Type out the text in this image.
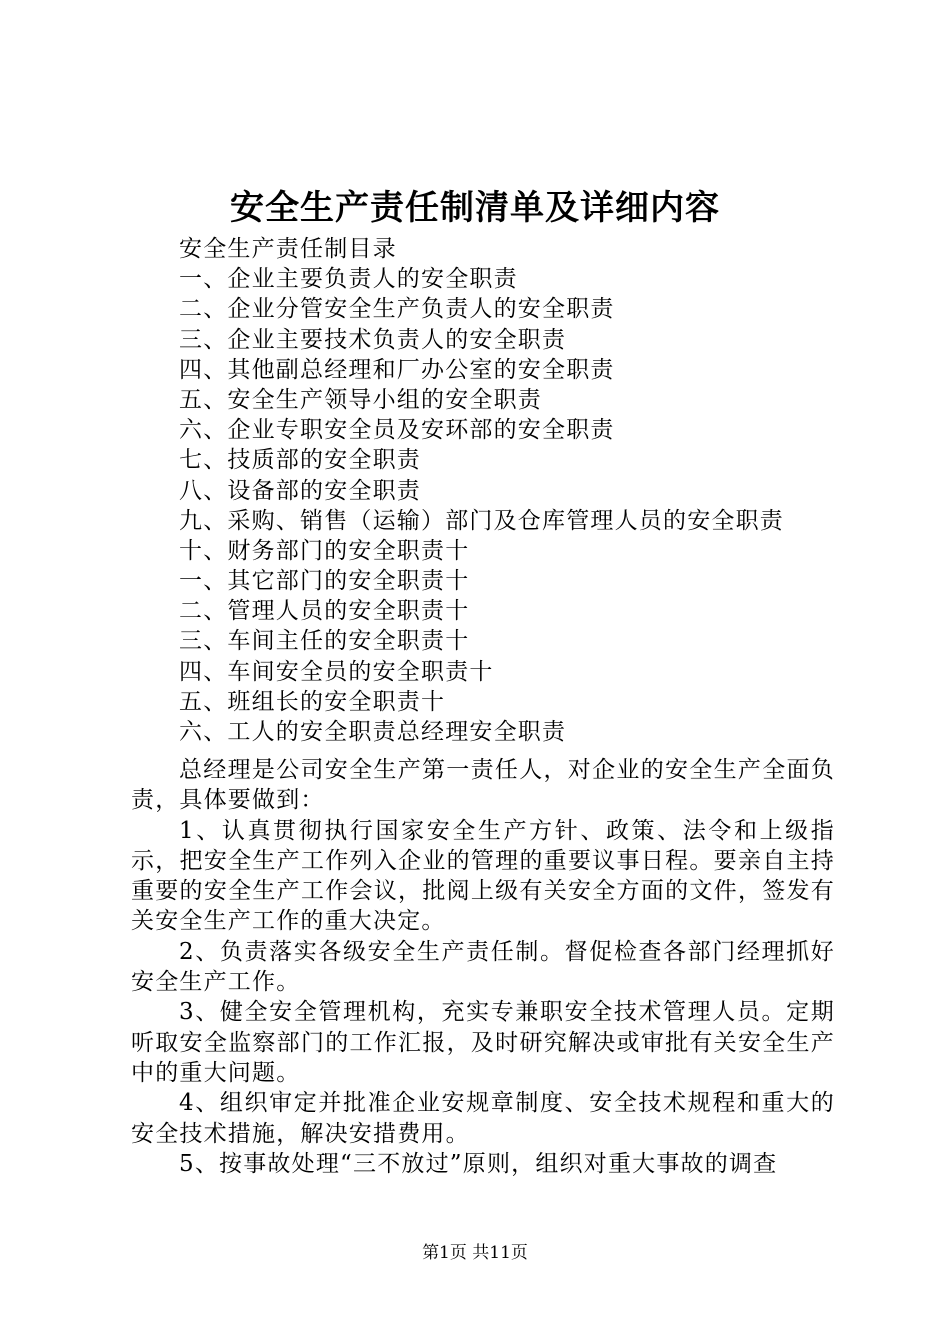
安全生产责任制清单及详细内容
安全生产责任制目录
一、企业主要负责人的安全职责
二、企业分管安全生产负责人的安全职责
三、企业主要技术负责人的安全职责
四、其他副总经理和厂办公室的安全职责
五、安全生产领导小组的安全职责
六、企业专职安全员及安环部的安全职责
七、技质部的安全职责
八、设备部的安全职责
九、采购、销售（运输）部门及仓库管理人员的安全职责
十、财务部门的安全职责十
一、其它部门的安全职责十
二、管理人员的安全职责十
三、车间主任的安全职责十
四、车间安全员的安全职责十
五、班组长的安全职责十
六、工人的安全职责总经理安全职责

总经理是公司安全生产第一责任人，对企业的安全生产全面负责，具体要做到：

1、认真贯彻执行国家安全生产方针、政策、法令和上级指示，把安全生产工作列入企业的管理的重要议事日程。要亲自主持重要的安全生产工作会议，批阅上级有关安全方面的文件，签发有关安全生产工作的重大决定。

2、负责落实各级安全生产责任制。督促检查各部门经理抓好安全生产工作。

3、健全安全管理机构，充实专兼职安全技术管理人员。定期听取安全监察部门的工作汇报，及时研究解决或审批有关安全生产中的重大问题。

4、组织审定并批准企业安规章制度、安全技术规程和重大的安全技术措施，解决安措费用。

5、按事故处理“三不放过”原则，组织对重大事故的调查

第1页 共11页
